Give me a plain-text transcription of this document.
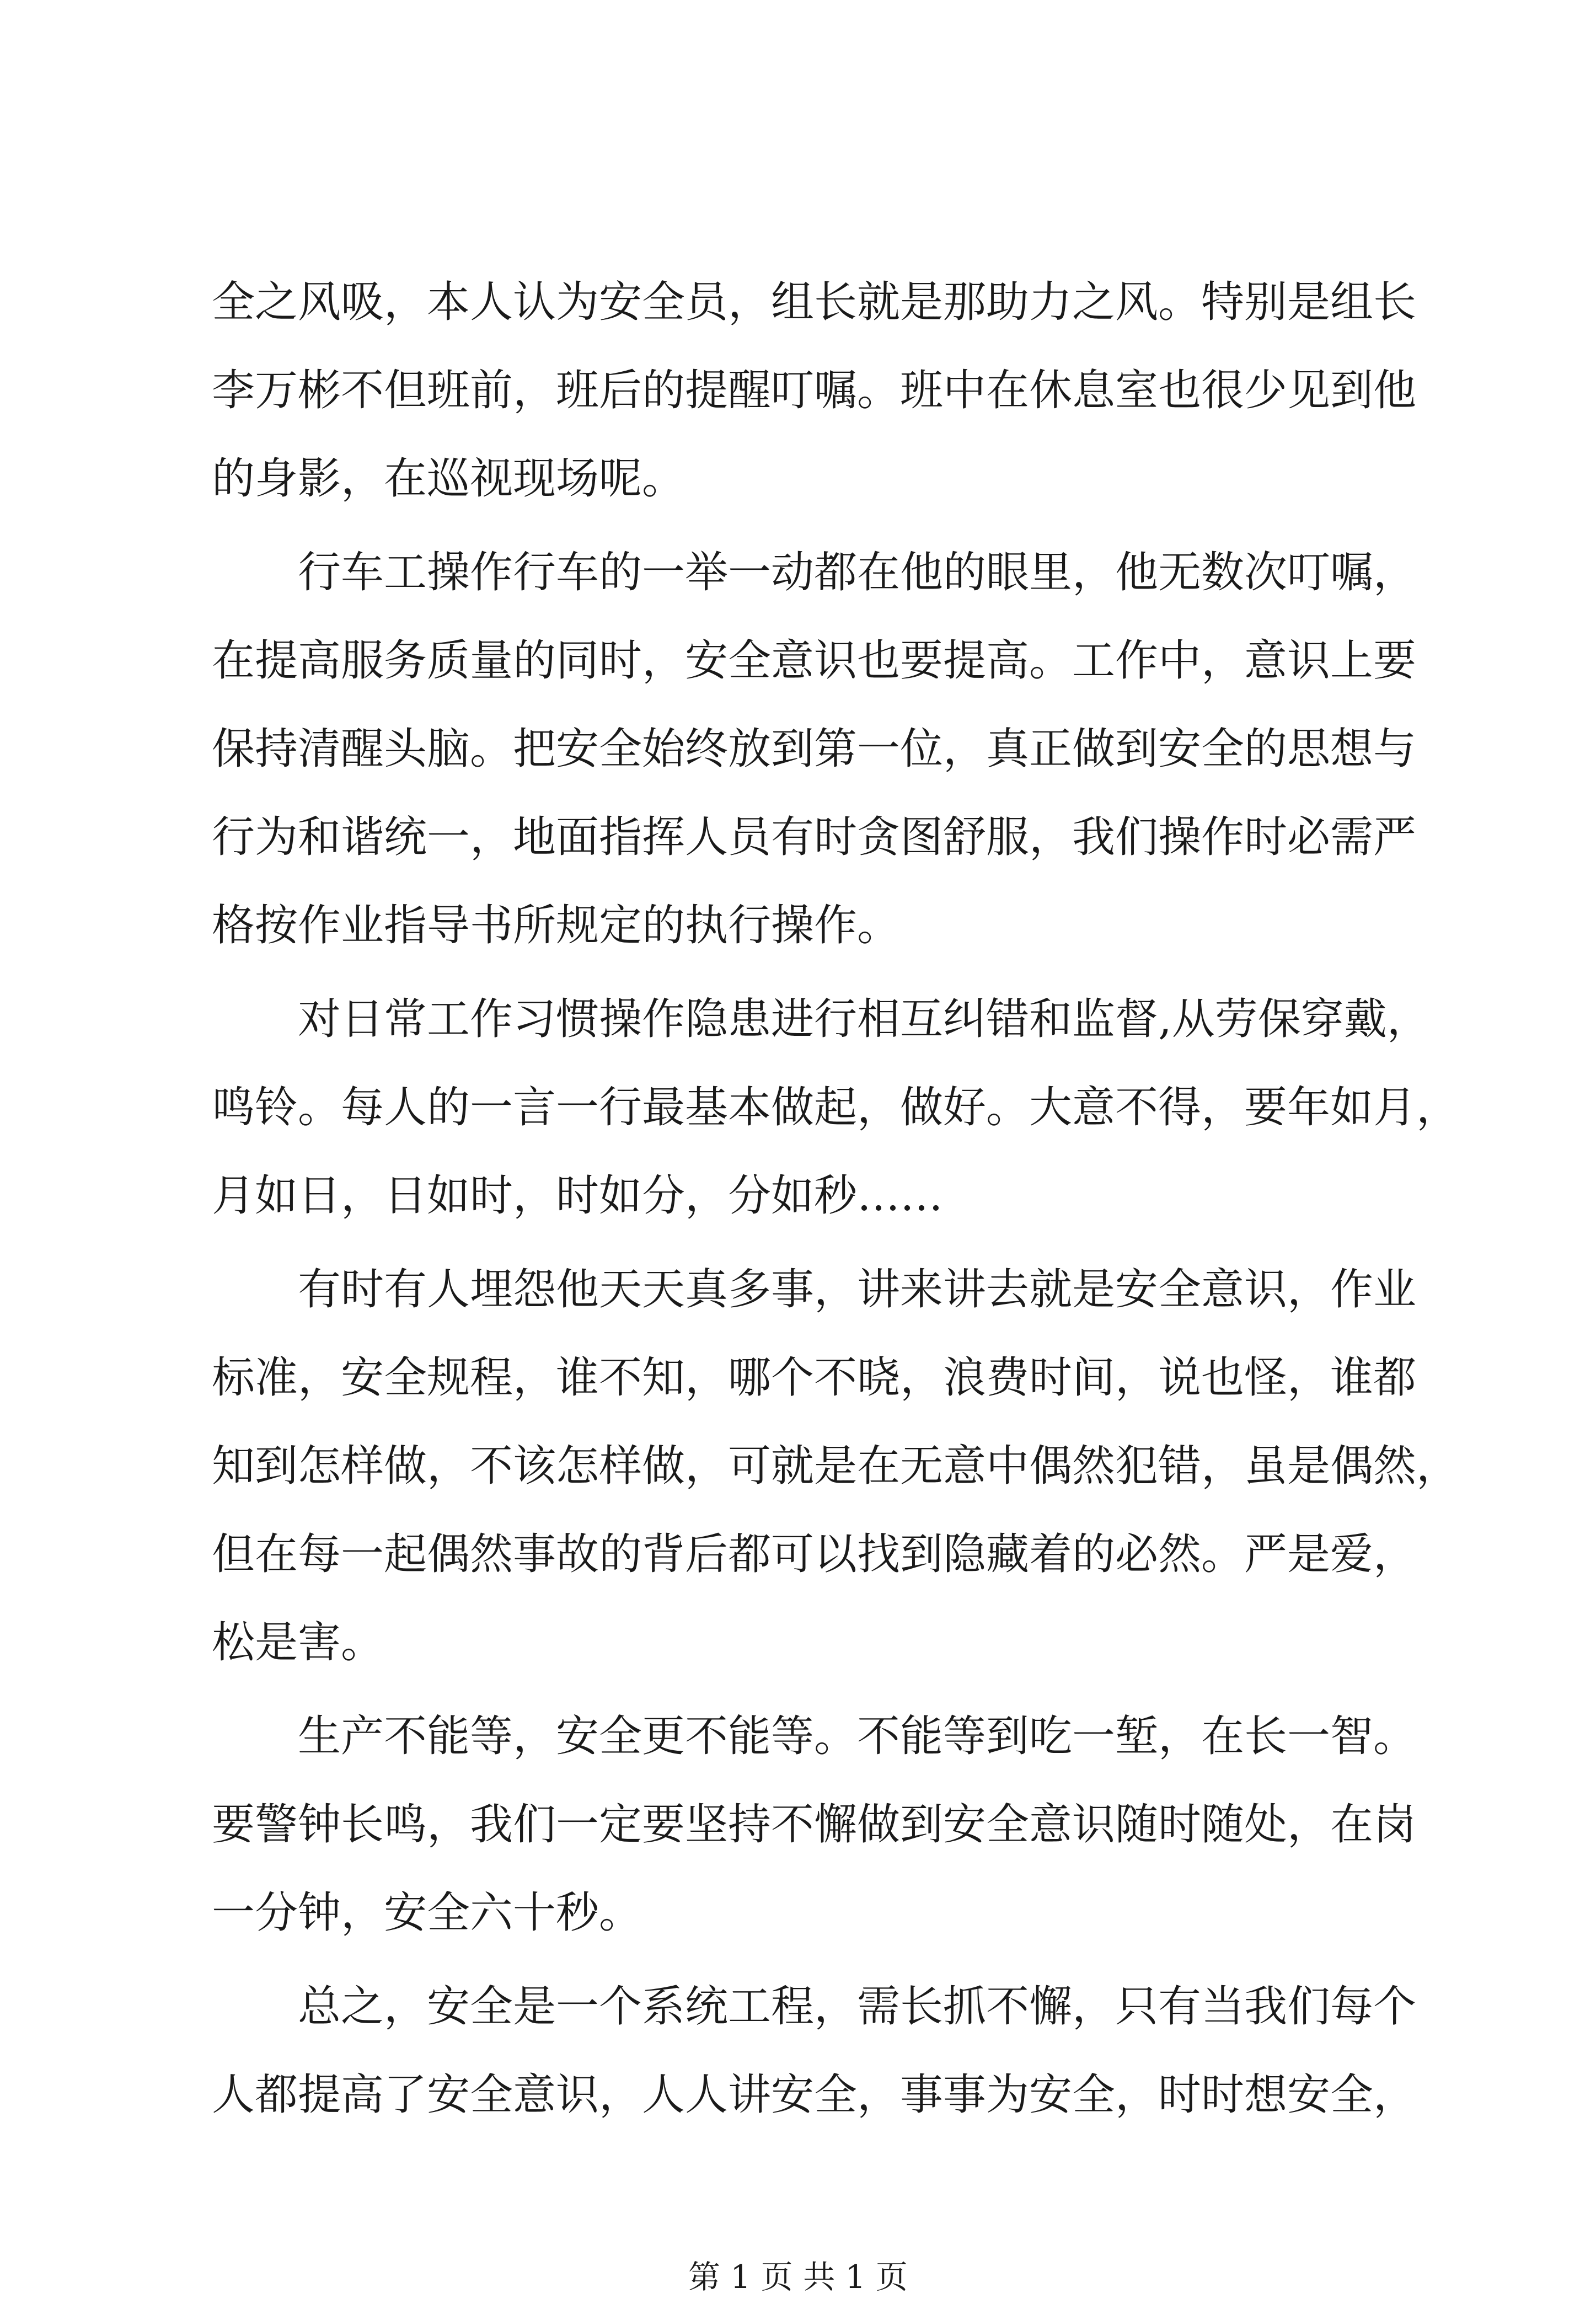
全之风吸，本人认为安全员，组长就是那助力之风。特别是组长
李万彬不但班前，班后的提醒叮嘱。班中在休息室也很少见到他
的身影，在巡视现场呢。
行车工操作行车的一举一动都在他的眼里，他无数次叮嘱，
在提高服务质量的同时，安全意识也要提高。工作中，意识上要
保持清醒头脑。把安全始终放到第一位，真正做到安全的思想与
行为和谐统一，地面指挥人员有时贪图舒服，我们操作时必需严
格按作业指导书所规定的执行操作。
对日常工作习惯操作隐患进行相互纠错和监督,从劳保穿戴，
鸣铃。每人的一言一行最基本做起，做好。大意不得，要年如月，
月如日，日如时，时如分，分如秒……
有时有人埋怨他天天真多事，讲来讲去就是安全意识，作业
标准，安全规程，谁不知，哪个不晓，浪费时间，说也怪，谁都
知到怎样做，不该怎样做，可就是在无意中偶然犯错，虽是偶然，
但在每一起偶然事故的背后都可以找到隐藏着的必然。严是爱，
松是害。
生产不能等，安全更不能等。不能等到吃一堑，在长一智。
要警钟长鸣，我们一定要坚持不懈做到安全意识随时随处，在岗
一分钟，安全六十秒。
总之，安全是一个系统工程，需长抓不懈，只有当我们每个
人都提高了安全意识，人人讲安全，事事为安全，时时想安全，
第 1 页 共 1 页
